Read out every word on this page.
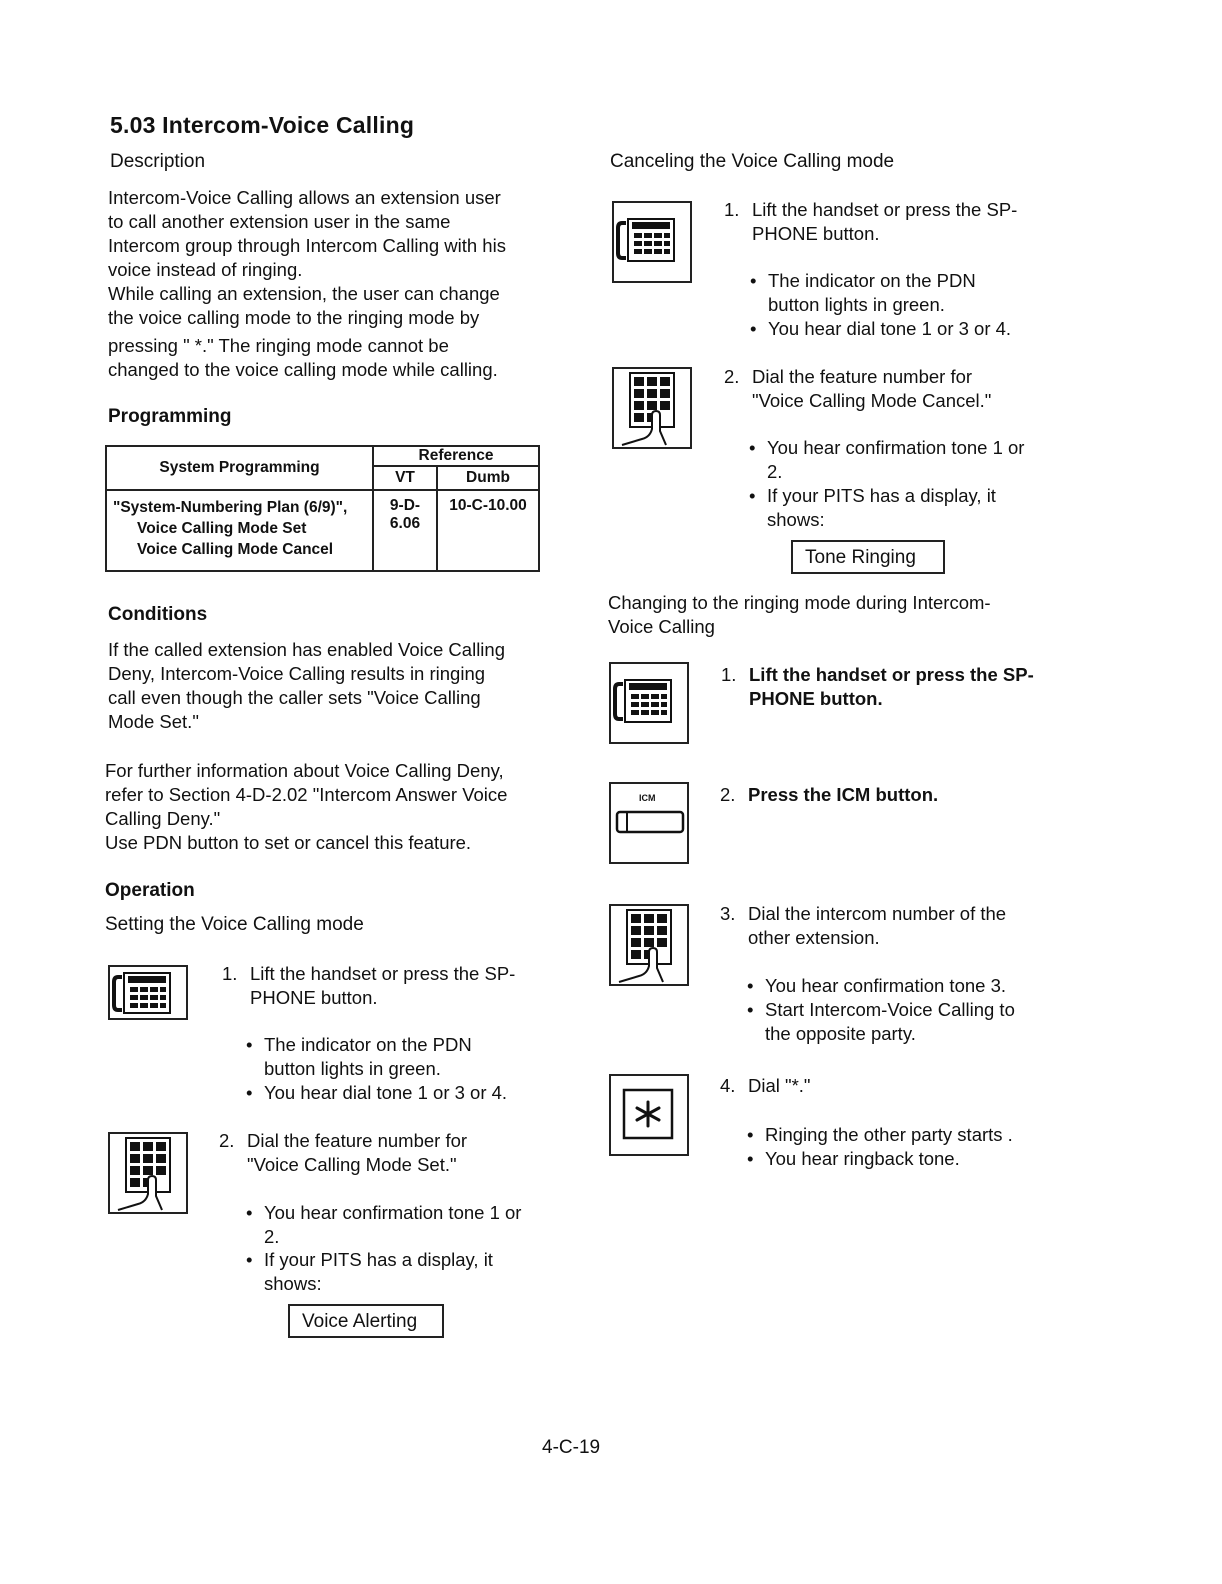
5.03 Intercom-Voice Calling
Description

Intercom-Voice Calling allows an extension user

to call another extension user in the same

Intercom group through Intercom Calling with his

voice instead of ringing.

While calling an extension, the user can change

the voice calling mode to the ringing mode by

pressing " *." The ringing mode cannot be

changed to the voice calling mode while calling.

Programming
System Programming	Reference	
	VT	Dumb

"System-Numbering Plan (6/9)",
Voice Calling Mode Set
Voice Calling Mode Cancel	9-D-6.06	10-C-10.00
Conditions

If the called extension has enabled Voice Calling

Deny, Intercom-Voice Calling results in ringing

call even though the caller sets "Voice Calling

Mode Set."

For further information about Voice Calling Deny,

refer to Section 4-D-2.02 "Intercom Answer Voice

Calling Deny."

Use PDN button to set or cancel this feature.

Operation
Setting the Voice Calling mode
1. Lift the handset or press the SP-
PHONE button.
• The indicator on the PDN
button lights in green.
• You hear dial tone 1 or 3 or 4.
2. Dial the feature number for
"Voice Calling Mode Set."
• You hear confirmation tone 1 or
2.
• If your PITS has a display, it
shows:
Voice Alerting
Canceling the Voice Calling mode
1. Lift the handset or press the SP-
PHONE button.
• The indicator on the PDN
button lights in green.
• You hear dial tone 1 or 3 or 4.
2. Dial the feature number for
"Voice Calling Mode Cancel."
• You hear confirmation tone 1 or
2.
• If your PITS has a display, it
shows:
Tone Ringing

Changing to the ringing mode during Intercom-

Voice Calling

1. Lift the handset or press the SP-
PHONE button.
ICM	2. Press the ICM button.
3. Dial the intercom number of the
other extension.
• You hear confirmation tone 3.
• Start Intercom-Voice Calling to
the opposite party.
4. Dial "*."
• Ringing the other party starts .
• You hear ringback tone.
4-C-19
